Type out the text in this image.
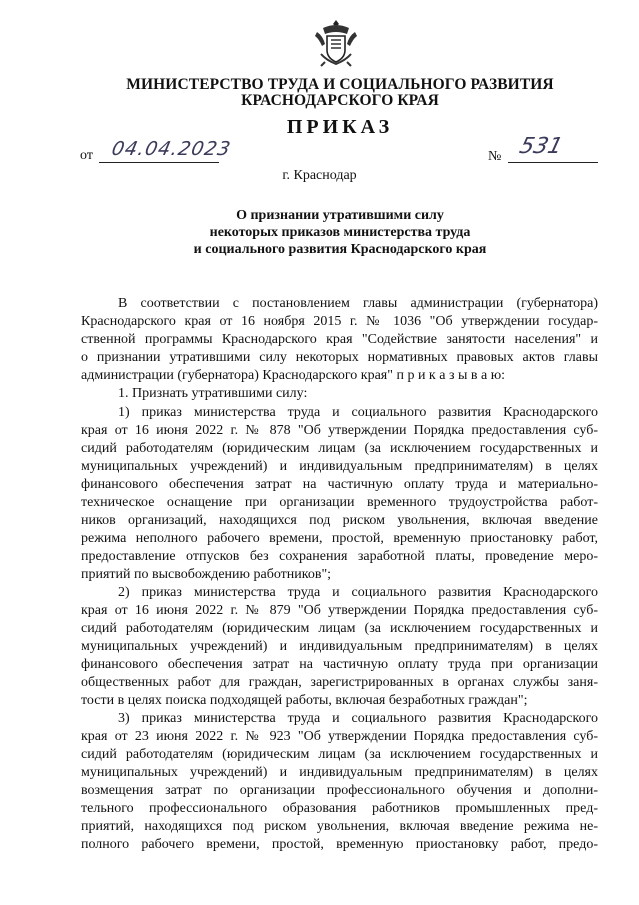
МИНИСТЕРСТВО ТРУДА И СОЦИАЛЬНОГО РАЗВИТИЯ
КРАСНОДАРСКОГО КРАЯ
ПРИКАЗ
от 04.04.2023	№ 531
г. Краснодар
О признании утратившими силу
некоторых приказов министерства труда
и социального развития Краснодарского края
В соответствии с постановлением главы администрации (губернатора)
Краснодарского края от 16 ноября 2015 г. № 1036 "Об утверждении государ-
ственной программы Краснодарского края "Содействие занятости населения" и
о признании утратившими силу некоторых нормативных правовых актов главы
администрации (губернатора) Краснодарского края" п р и к а з ы в а ю:
1. Признать утратившими силу:
1) приказ министерства труда и социального развития Краснодарского
края от 16 июня 2022 г. № 878 "Об утверждении Порядка предоставления суб-
сидий работодателям (юридическим лицам (за исключением государственных и
муниципальных учреждений) и индивидуальным предпринимателям) в целях
финансового обеспечения затрат на частичную оплату труда и материально-
техническое оснащение при организации временного трудоустройства работ-
ников организаций, находящихся под риском увольнения, включая введение
режима неполного рабочего времени, простой, временную приостановку работ,
предоставление отпусков без сохранения заработной платы, проведение меро-
приятий по высвобождению работников";
2) приказ министерства труда и социального развития Краснодарского
края от 16 июня 2022 г. № 879 "Об утверждении Порядка предоставления суб-
сидий работодателям (юридическим лицам (за исключением государственных и
муниципальных учреждений) и индивидуальным предпринимателям) в целях
финансового обеспечения затрат на частичную оплату труда при организации
общественных работ для граждан, зарегистрированных в органах службы заня-
тости в целях поиска подходящей работы, включая безработных граждан";
3) приказ министерства труда и социального развития Краснодарского
края от 23 июня 2022 г. № 923 "Об утверждении Порядка предоставления суб-
сидий работодателям (юридическим лицам (за исключением государственных и
муниципальных учреждений) и индивидуальным предпринимателям) в целях
возмещения затрат по организации профессионального обучения и дополни-
тельного профессионального образования работников промышленных пред-
приятий, находящихся под риском увольнения, включая введение режима не-
полного рабочего времени, простой, временную приостановку работ, предо-
